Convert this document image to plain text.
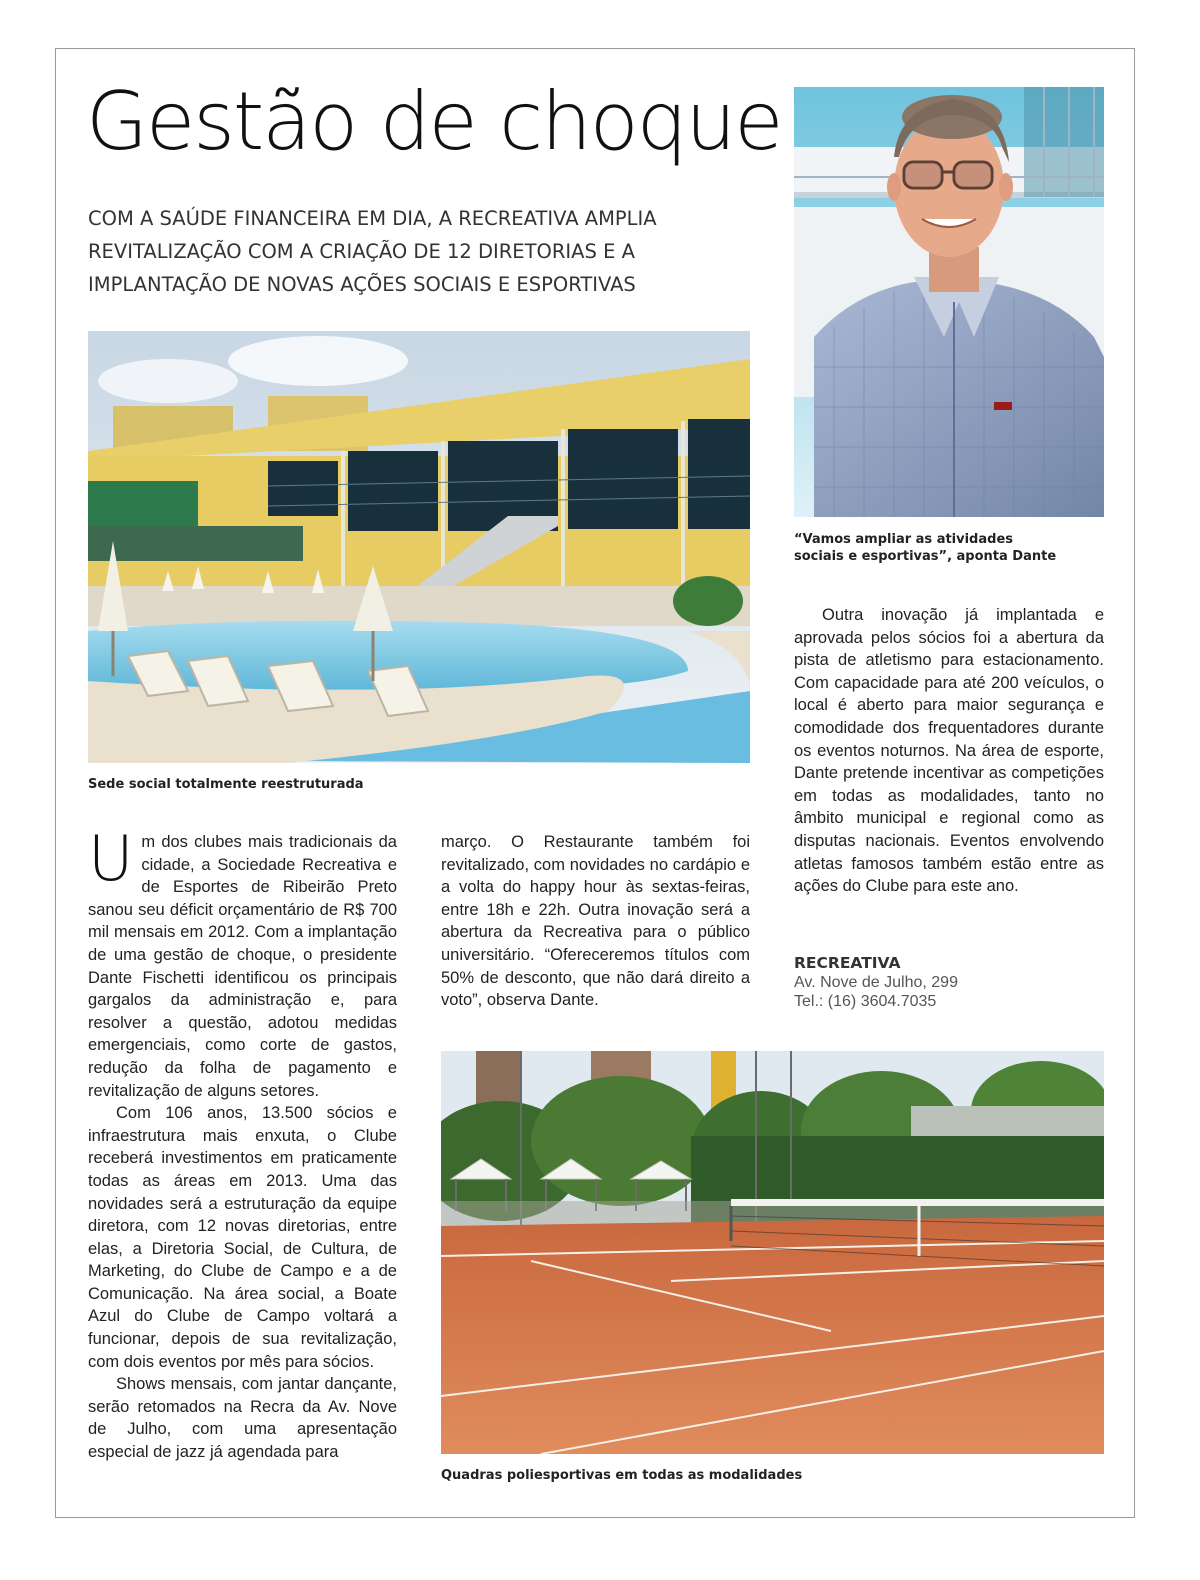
Gestão de choque
COM A SAÚDE FINANCEIRA EM DIA, A RECREATIVA AMPLIA
REVITALIZAÇÃO COM A CRIAÇÃO DE 12 DIRETORIAS E A
IMPLANTAÇÃO DE NOVAS AÇÕES SOCIAIS E ESPORTIVAS

“Vamos ampliar as atividades
sociais e esportivas”, aponta Dante

Sede social totalmente reestruturada

Um dos clubes mais tradicionais da cidade, a Sociedade Recreativa e de Esportes de Ribeirão Preto sanou seu déficit orçamentário de R$ 700 mil mensais em 2012. Com a implantação de uma gestão de choque, o presidente Dante Fischetti identificou os principais gargalos da administração e, para resolver a questão, adotou medidas emergenciais, como corte de gastos, redução da folha de pagamento e revitalização de alguns setores.

Com 106 anos, 13.500 sócios e infraestrutura mais enxuta, o Clube receberá investimentos em praticamente todas as áreas em 2013. Uma das novidades será a estruturação da equipe diretora, com 12 novas diretorias, entre elas, a Diretoria Social, de Cultura, de Marketing, do Clube de Campo e a de Comunicação. Na área social, a Boate Azul do Clube de Campo voltará a funcionar, depois de sua revitalização, com dois eventos por mês para sócios.

Shows mensais, com jantar dançante, serão retomados na Recra da Av. Nove de Julho, com uma apresentação especial de jazz já agendada para

março. O Restaurante também foi revitalizado, com novidades no cardápio e a volta do happy hour às sextas-feiras, entre 18h e 22h. Outra inovação será a abertura da Recreativa para o público universitário. “Ofereceremos títulos com 50% de desconto, que não dará direito a voto”, observa Dante.

Outra inovação já implantada e aprovada pelos sócios foi a abertura da pista de atletismo para estacionamento. Com capacidade para até 200 veículos, o local é aberto para maior segurança e comodidade dos frequentadores durante os eventos noturnos. Na área de esporte, Dante pretende incentivar as competições em todas as modalidades, tanto no âmbito municipal e regional como as disputas nacionais. Eventos envolvendo atletas famosos também estão entre as ações do Clube para este ano.

RECREATIVA
Av. Nove de Julho, 299
Tel.: (16) 3604.7035

Quadras poliesportivas em todas as modalidades
